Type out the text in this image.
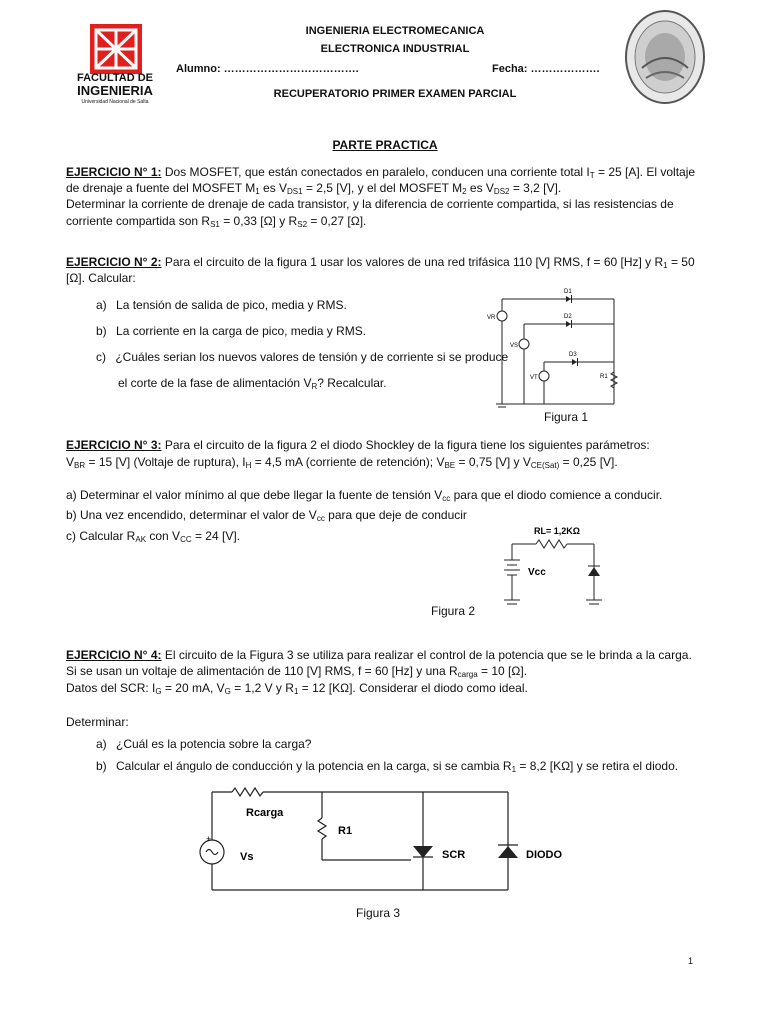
FACULTAD DE
INGENIERIA
Universidad Nacional de Salta
INGENIERIA ELECTROMECANICA
ELECTRONICA INDUSTRIAL
Alumno: ……………………………….	Fecha: ……………….
RECUPERATORIO PRIMER EXAMEN PARCIAL
PARTE PRACTICA
EJERCICIO N° 1: Dos MOSFET, que están conectados en paralelo, conducen una corriente total $I_T = 25$ [A]. El voltaje
de drenaje a fuente del MOSFET $M_1$ es $V_{DS1} = 2,5$ [V], y el del MOSFET $M_2$ es $V_{DS2} = 3,2$ [V].
Determinar la corriente de drenaje de cada transistor, y la diferencia de corriente compartida, si las resistencias de
corriente compartida son $R_{S1} = 0,33$ [Ω] y $R_{S2} = 0,27$ [Ω].
EJERCICIO N° 2: Para el circuito de la figura 1 usar los valores de una red trifásica 110 [V] RMS, f = 60 [Hz] y $R_1 = 50$
[Ω]. Calcular:
a) La tensión de salida de pico, media y RMS.
b) La corriente en la carga de pico, media y RMS.
c) ¿Cuáles serian los nuevos valores de tensión y de corriente si se produce
el corte de la fase de alimentación $V_R$? Recalcular.
VR
VS
VT
D1
D2
D3
R1
Figura 1
EJERCICIO N° 3: Para el circuito de la figura 2 el diodo Shockley de la figura tiene los siguientes parámetros:
$V_{BR} = 15$ [V] (Voltaje de ruptura), $I_H = 4,5$ mA (corriente de retención); $V_{BE} = 0,75$ [V] y $V_{CE(Sat)} = 0,25$ [V].
a) Determinar el valor mínimo al que debe llegar la fuente de tensión $V_{cc}$ para que el diodo comience a conducir.
b) Una vez encendido, determinar el valor de $V_{cc}$ para que deje de conducir
c) Calcular $R_{AK}$ con $V_{CC} = 24$ [V].	RL= 1,2KΩ
Vcc
Figura 2
EJERCICIO N° 4: El circuito de la Figura 3 se utiliza para realizar el control de la potencia que se le brinda a la carga.
Si se usan un voltaje de alimentación de 110 [V] RMS, f = 60 [Hz] y una $R_{carga} = 10$ [Ω].
Datos del SCR: $I_G = 20$ mA, $V_G = 1,2$ V y $R_1 = 12$ [KΩ]. Considerar el diodo como ideal.
Determinar:
a) ¿Cuál es la potencia sobre la carga?
b) Calcular el ángulo de conducción y la potencia en la carga, si se cambia $R_1 = 8,2$ [KΩ] y se retira el diodo.
+
Rcarga
R1
Vs	SCR	DIODO
Figura 3
1
